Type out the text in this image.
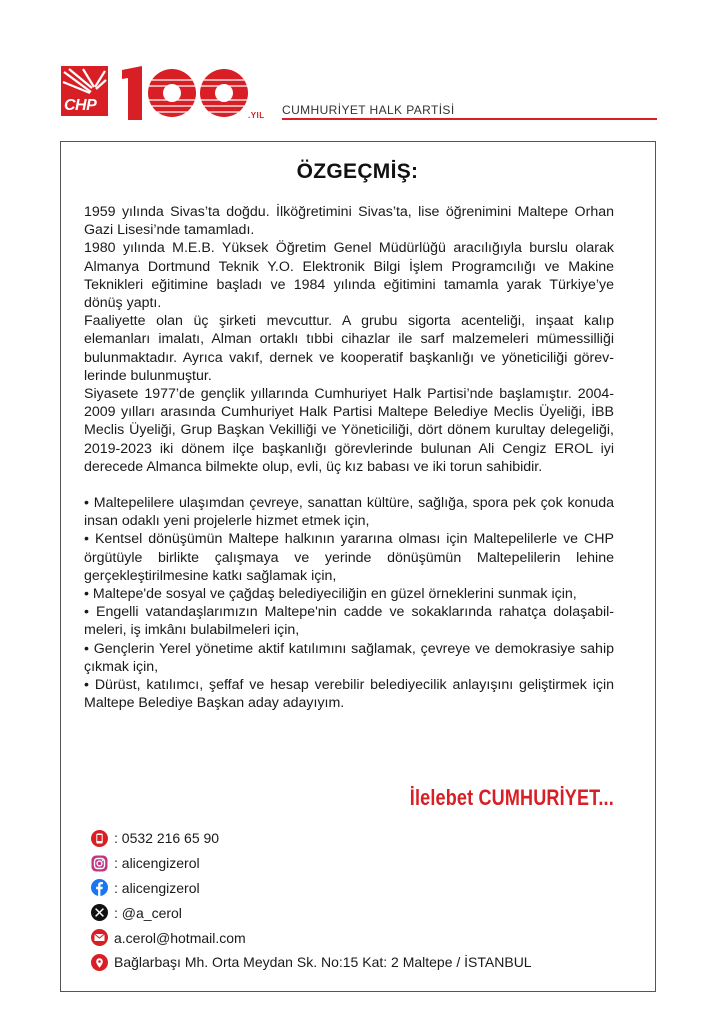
CHP
.YIL CUMHURİYET HALK PARTİSİ
ÖZGEÇMİŞ:

1959 yılında Sivas’ta doğdu. İlköğretimini Sivas’ta, lise öğrenimini Maltepe Orhan Gazi Lisesi’nde tamamladı.

1980 yılında M.E.B. Yüksek Öğretim Genel Müdürlüğü aracılığıyla burslu olarak Almanya Dortmund Teknik Y.O. Elektronik Bilgi İşlem Programcılığı ve Makine Teknikleri eğitimine başladı ve 1984 yılında eğitimini tamamla yarak Türkiye’ye dönüş yaptı.

Faaliyette olan üç şirketi mevcuttur. A grubu sigorta acenteliği, inşaat kalıp elemanları imalatı, Alman ortaklı tıbbi cihazlar ile sarf malzemeleri mümessilliği bulunmaktadır. Ayrıca vakıf, dernek ve kooperatif başkanlığı ve yöneticiliği görev-lerinde bulunmuştur.

Siyasete 1977’de gençlik yıllarında Cumhuriyet Halk Partisi’nde başlamıştır. 2004-2009 yılları arasında Cumhuriyet Halk Partisi Maltepe Belediye Meclis Üyeliği, İBB Meclis Üyeliği, Grup Başkan Vekilliği ve Yöneticiliği, dört dönem kurultay delegeliği, 2019-2023 iki dönem ilçe başkanlığı görevlerinde bulunan Ali Cengiz EROL iyi derecede Almanca bilmekte olup, evli, üç kız babası ve iki torun sahibidir.

• Maltepelilere ulaşımdan çevreye, sanattan kültüre, sağlığa, spora pek çok konuda insan odaklı yeni projelerle hizmet etmek için,

• Kentsel dönüşümün Maltepe halkının yararına olması için Maltepelilerle ve CHP örgütüyle birlikte çalışmaya ve yerinde dönüşümün Maltepelilerin lehine gerçekleştirilmesine katkı sağlamak için,

• Maltepe'de sosyal ve çağdaş belediyeciliğin en güzel örneklerini sunmak için,

• Engelli vatandaşlarımızın Maltepe'nin cadde ve sokaklarında rahatça dolaşabil-meleri, iş imkânı bulabilmeleri için,

• Gençlerin Yerel yönetime aktif katılımını sağlamak, çevreye ve demokrasiye sahip çıkmak için,

• Dürüst, katılımcı, şeffaf ve hesap verebilir belediyecilik anlayışını geliştirmek için Maltepe Belediye Başkan aday adayıyım.

İlelebet CUMHURİYET...
: 0532 216 65 90
: alicengizerol
: alicengizerol
: @a_cerol
a.cerol@hotmail.com
Bağlarbaşı Mh. Orta Meydan Sk. No:15 Kat: 2 Maltepe / İSTANBUL
